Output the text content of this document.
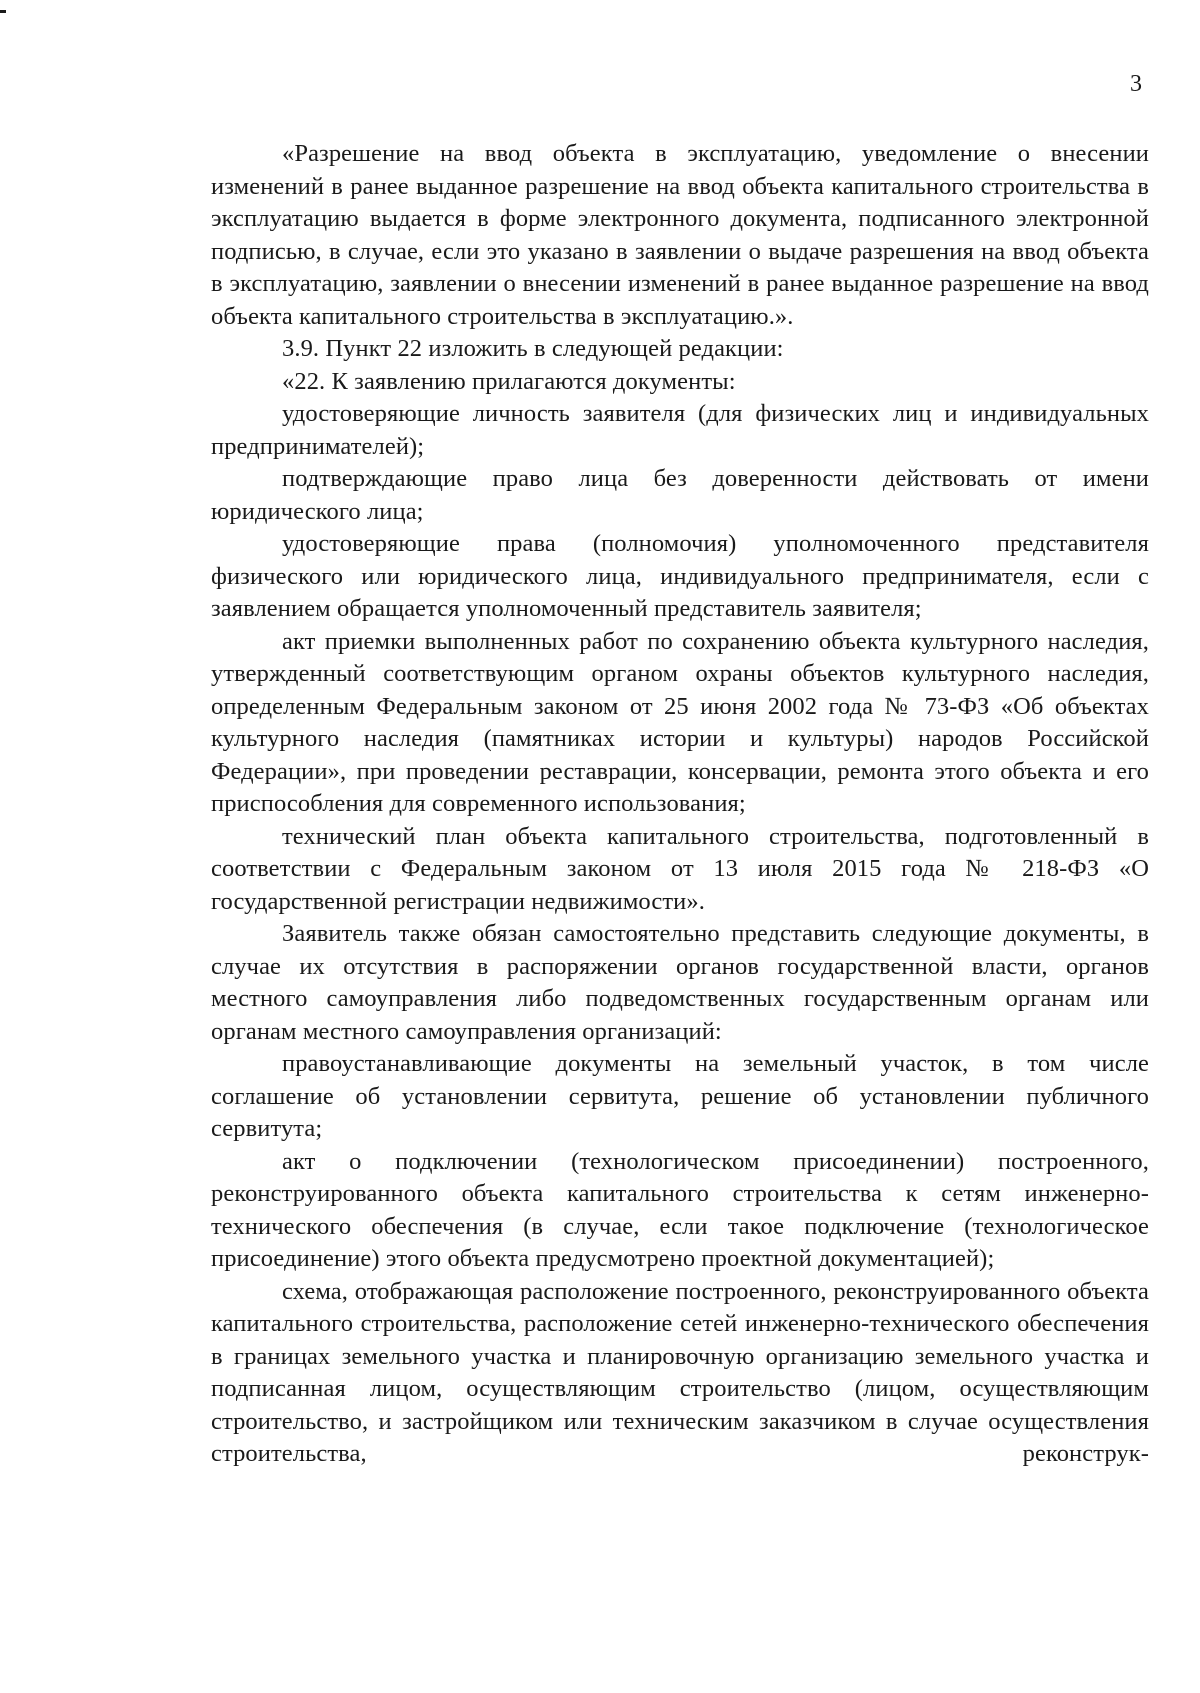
3

«Разрешение на ввод объекта в эксплуатацию, уведомление о внесении изменений в ранее выданное разрешение на ввод объекта капитального строительства в эксплуатацию выдается в форме электронного документа, подписанного электронной подписью, в случае, если это указано в заявлении о выдаче разрешения на ввод объекта в эксплуатацию, заявлении о внесении изменений в ранее выданное разрешение на ввод объекта капитального строительства в эксплуатацию.».

3.9. Пункт 22 изложить в следующей редакции:

«22. К заявлению прилагаются документы:

удостоверяющие личность заявителя (для физических лиц и индивидуальных предпринимателей);

подтверждающие право лица без доверенности действовать от имени юридического лица;

удостоверяющие права (полномочия) уполномоченного представителя физического или юридического лица, индивидуального предпринимателя, если с заявлением обращается уполномоченный представитель заявителя;

акт приемки выполненных работ по сохранению объекта культурного наследия, утвержденный соответствующим органом охраны объектов культурного наследия, определенным Федеральным законом от 25 июня 2002 года № 73-ФЗ «Об объектах культурного наследия (памятниках истории и культуры) народов Российской Федерации», при проведении реставрации, консервации, ремонта этого объекта и его приспособления для современного использования;

технический план объекта капитального строительства, подготовленный в соответствии с Федеральным законом от 13 июля 2015 года № 218-ФЗ «О государственной регистрации недвижимости».

Заявитель также обязан самостоятельно представить следующие документы, в случае их отсутствия в распоряжении органов государственной власти, органов местного самоуправления либо подведомственных государственным органам или органам местного самоуправления организаций:

правоустанавливающие документы на земельный участок, в том числе соглашение об установлении сервитута, решение об установлении публичного сервитута;

акт о подключении (технологическом присоединении) построенного, реконструированного объекта капитального строительства к сетям инженерно-технического обеспечения (в случае, если такое подключение (технологическое присоединение) этого объекта предусмотрено проектной документацией);

схема, отображающая расположение построенного, реконструированного объекта капитального строительства, расположение сетей инженерно-технического обеспечения в границах земельного участка и планировочную организацию земельного участка и подписанная лицом, осуществляющим строительство (лицом, осуществляющим строительство, и застройщиком или техническим заказчиком в случае осуществления строительства, реконструк-
